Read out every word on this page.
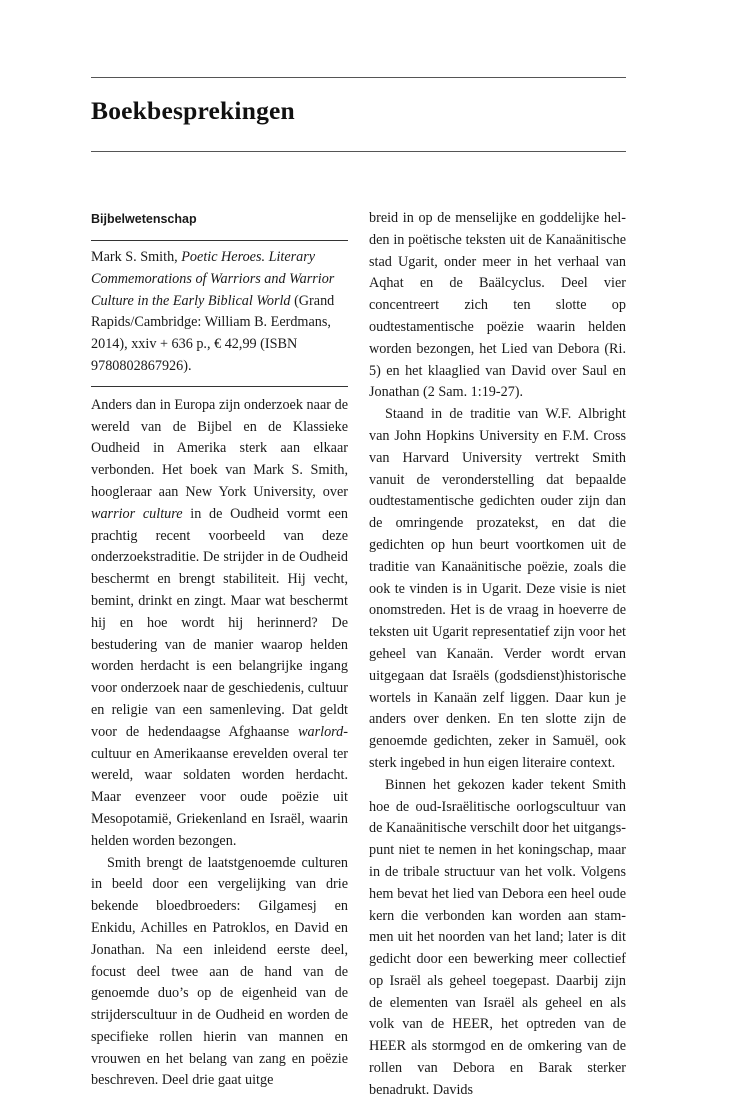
Boekbesprekingen
Bijbelwetenschap
Mark S. Smith, Poetic Heroes. Literary Commemorations of Warriors and Warrior Culture in the Early Biblical World (Grand Rapids/Cambridge: William B. Eerdmans, 2014), xxiv + 636 p., € 42,99 (ISBN 9780802867926).

Anders dan in Europa zijn onderzoek naar de wereld van de Bijbel en de Klassieke Oudheid in Amerika sterk aan elkaar verbonden. Het boek van Mark S. Smith, hoogleraar aan New York University, over warrior culture in de Oudheid vormt een prachtig recent voorbeeld van deze onderzoekstraditie. De strijder in de Oudheid beschermt en brengt stabiliteit. Hij vecht, bemint, drinkt en zingt. Maar wat beschermt hij en hoe wordt hij herinnerd? De bestudering van de manier waarop helden worden herdacht is een belangrijke ingang voor onderzoek naar de geschiedenis, cultuur en religie van een samenleving. Dat geldt voor de hedendaagse Afghaanse warlord-cultuur en Amerikaanse erevelden overal ter wereld, waar soldaten worden herdacht. Maar evenzeer voor oude poëzie uit Mesopotamië, Griekenland en Israël, waarin helden worden bezongen.

Smith brengt de laatstgenoemde culturen in beeld door een vergelijking van drie bekende bloedbroeders: Gilgamesj en Enkidu, Achilles en Patroklos, en David en Jonathan. Na een inleidend eerste deel, focust deel twee aan de hand van de genoemde duo’s op de eigenheid van de strijderscultuur in de Oudheid en worden de specifieke rollen hierin van mannen en vrouwen en het belang van zang en poëzie beschreven. Deel drie gaat uitge

breid in op de menselijke en goddelijke helden in poëtische teksten uit de Kanaänitische stad Ugarit, onder meer in het verhaal van Aqhat en de Baälcyclus. Deel vier concentreert zich ten slotte op oudtestamentische poëzie waarin helden worden bezongen, het Lied van Debora (Ri. 5) en het klaaglied van David over Saul en Jonathan (2 Sam. 1:19-27).

Staand in de traditie van W.F. Albright van John Hopkins University en F.M. Cross van Harvard University vertrekt Smith vanuit de veronderstelling dat bepaalde oudtestamentische gedichten ouder zijn dan de omringende prozatekst, en dat die gedichten op hun beurt voortkomen uit de traditie van Kanaänitische poëzie, zoals die ook te vinden is in Ugarit. Deze visie is niet onomstreden. Het is de vraag in hoeverre de teksten uit Ugarit representatief zijn voor het geheel van Kanaän. Verder wordt ervan uitgegaan dat Israëls (godsdienst)historische wortels in Kanaän zelf liggen. Daar kun je anders over denken. En ten slotte zijn de genoemde gedichten, zeker in Samuël, ook sterk ingebed in hun eigen literaire context.

Binnen het gekozen kader tekent Smith hoe de oud-Israëlitische oorlogscultuur van de Kanaänitische verschilt door het uitgangspunt niet te nemen in het koningschap, maar in de tribale structuur van het volk. Volgens hem bevat het lied van Debora een heel oude kern die verbonden kan worden aan stammen uit het noorden van het land; later is dit gedicht door een bewerking meer collectief op Israël als geheel toegepast. Daarbij zijn de elementen van Israël als geheel en als volk van de HEER, het optreden van de HEER als stormgod en de omkering van de rollen van Debora en Barak sterker benadrukt. Davids
